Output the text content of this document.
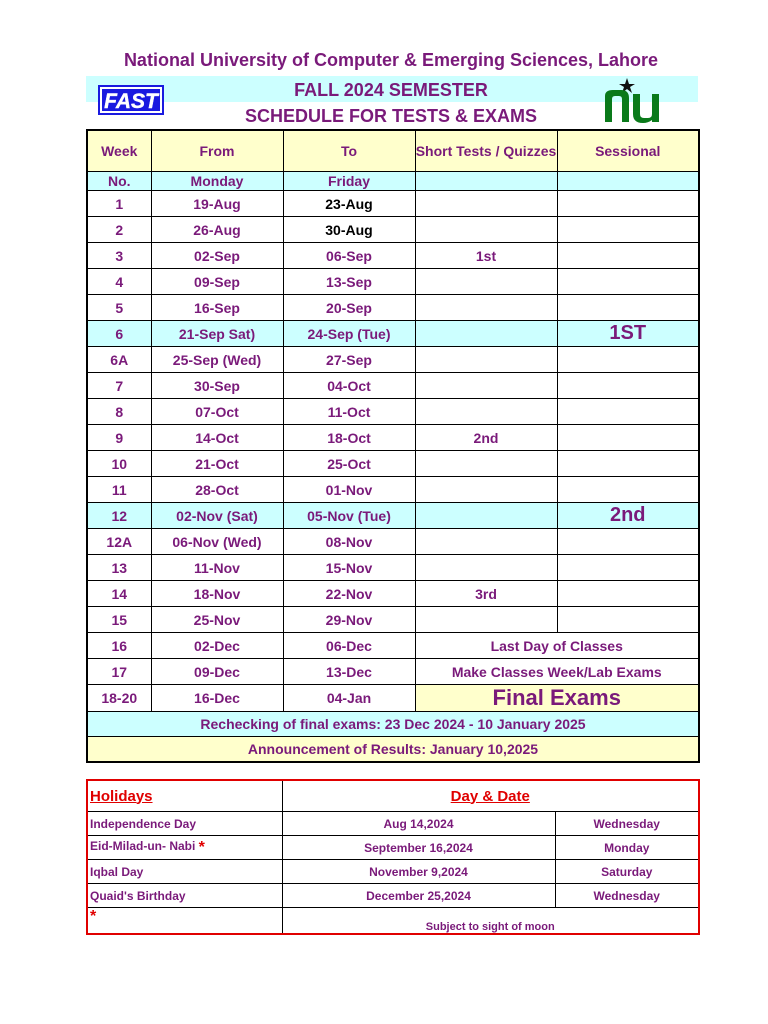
National University of Computer & Emerging Sciences, Lahore
FALL 2024 SEMESTER
SCHEDULE FOR TESTS & EXAMS
FAST
Week	From	To	Short Tests / Quizzes	Sessional
No.	Monday	Friday		
1	19-Aug	23-Aug		
2	26-Aug	30-Aug		
3	02-Sep	06-Sep	1st	
4	09-Sep	13-Sep		
5	16-Sep	20-Sep		
6	21-Sep Sat)	24-Sep (Tue)		1ST
6A	25-Sep (Wed)	27-Sep		
7	30-Sep	04-Oct		
8	07-Oct	11-Oct		
9	14-Oct	18-Oct	2nd	
10	21-Oct	25-Oct		
11	28-Oct	01-Nov		
12	02-Nov (Sat)	05-Nov (Tue)		2nd
12A	06-Nov (Wed)	08-Nov		
13	11-Nov	15-Nov		
14	18-Nov	22-Nov	3rd	
15	25-Nov	29-Nov		
16	02-Dec	06-Dec	Last Day of Classes	
17	09-Dec	13-Dec	Make Classes Week/Lab Exams	
18-20	16-Dec	04-Jan	Final Exams	
Rechecking of final exams: 23 Dec 2024 - 10 January 2025				
Announcement of Results: January 10,2025				
Holidays	Day & Date	
Independence Day	Aug 14,2024	Wednesday
Eid-Milad-un- Nabi *	September 16,2024	Monday
Iqbal Day	November 9,2024	Saturday
Quaid's Birthday	December 25,2024	Wednesday
*	Subject to sight of moon	
